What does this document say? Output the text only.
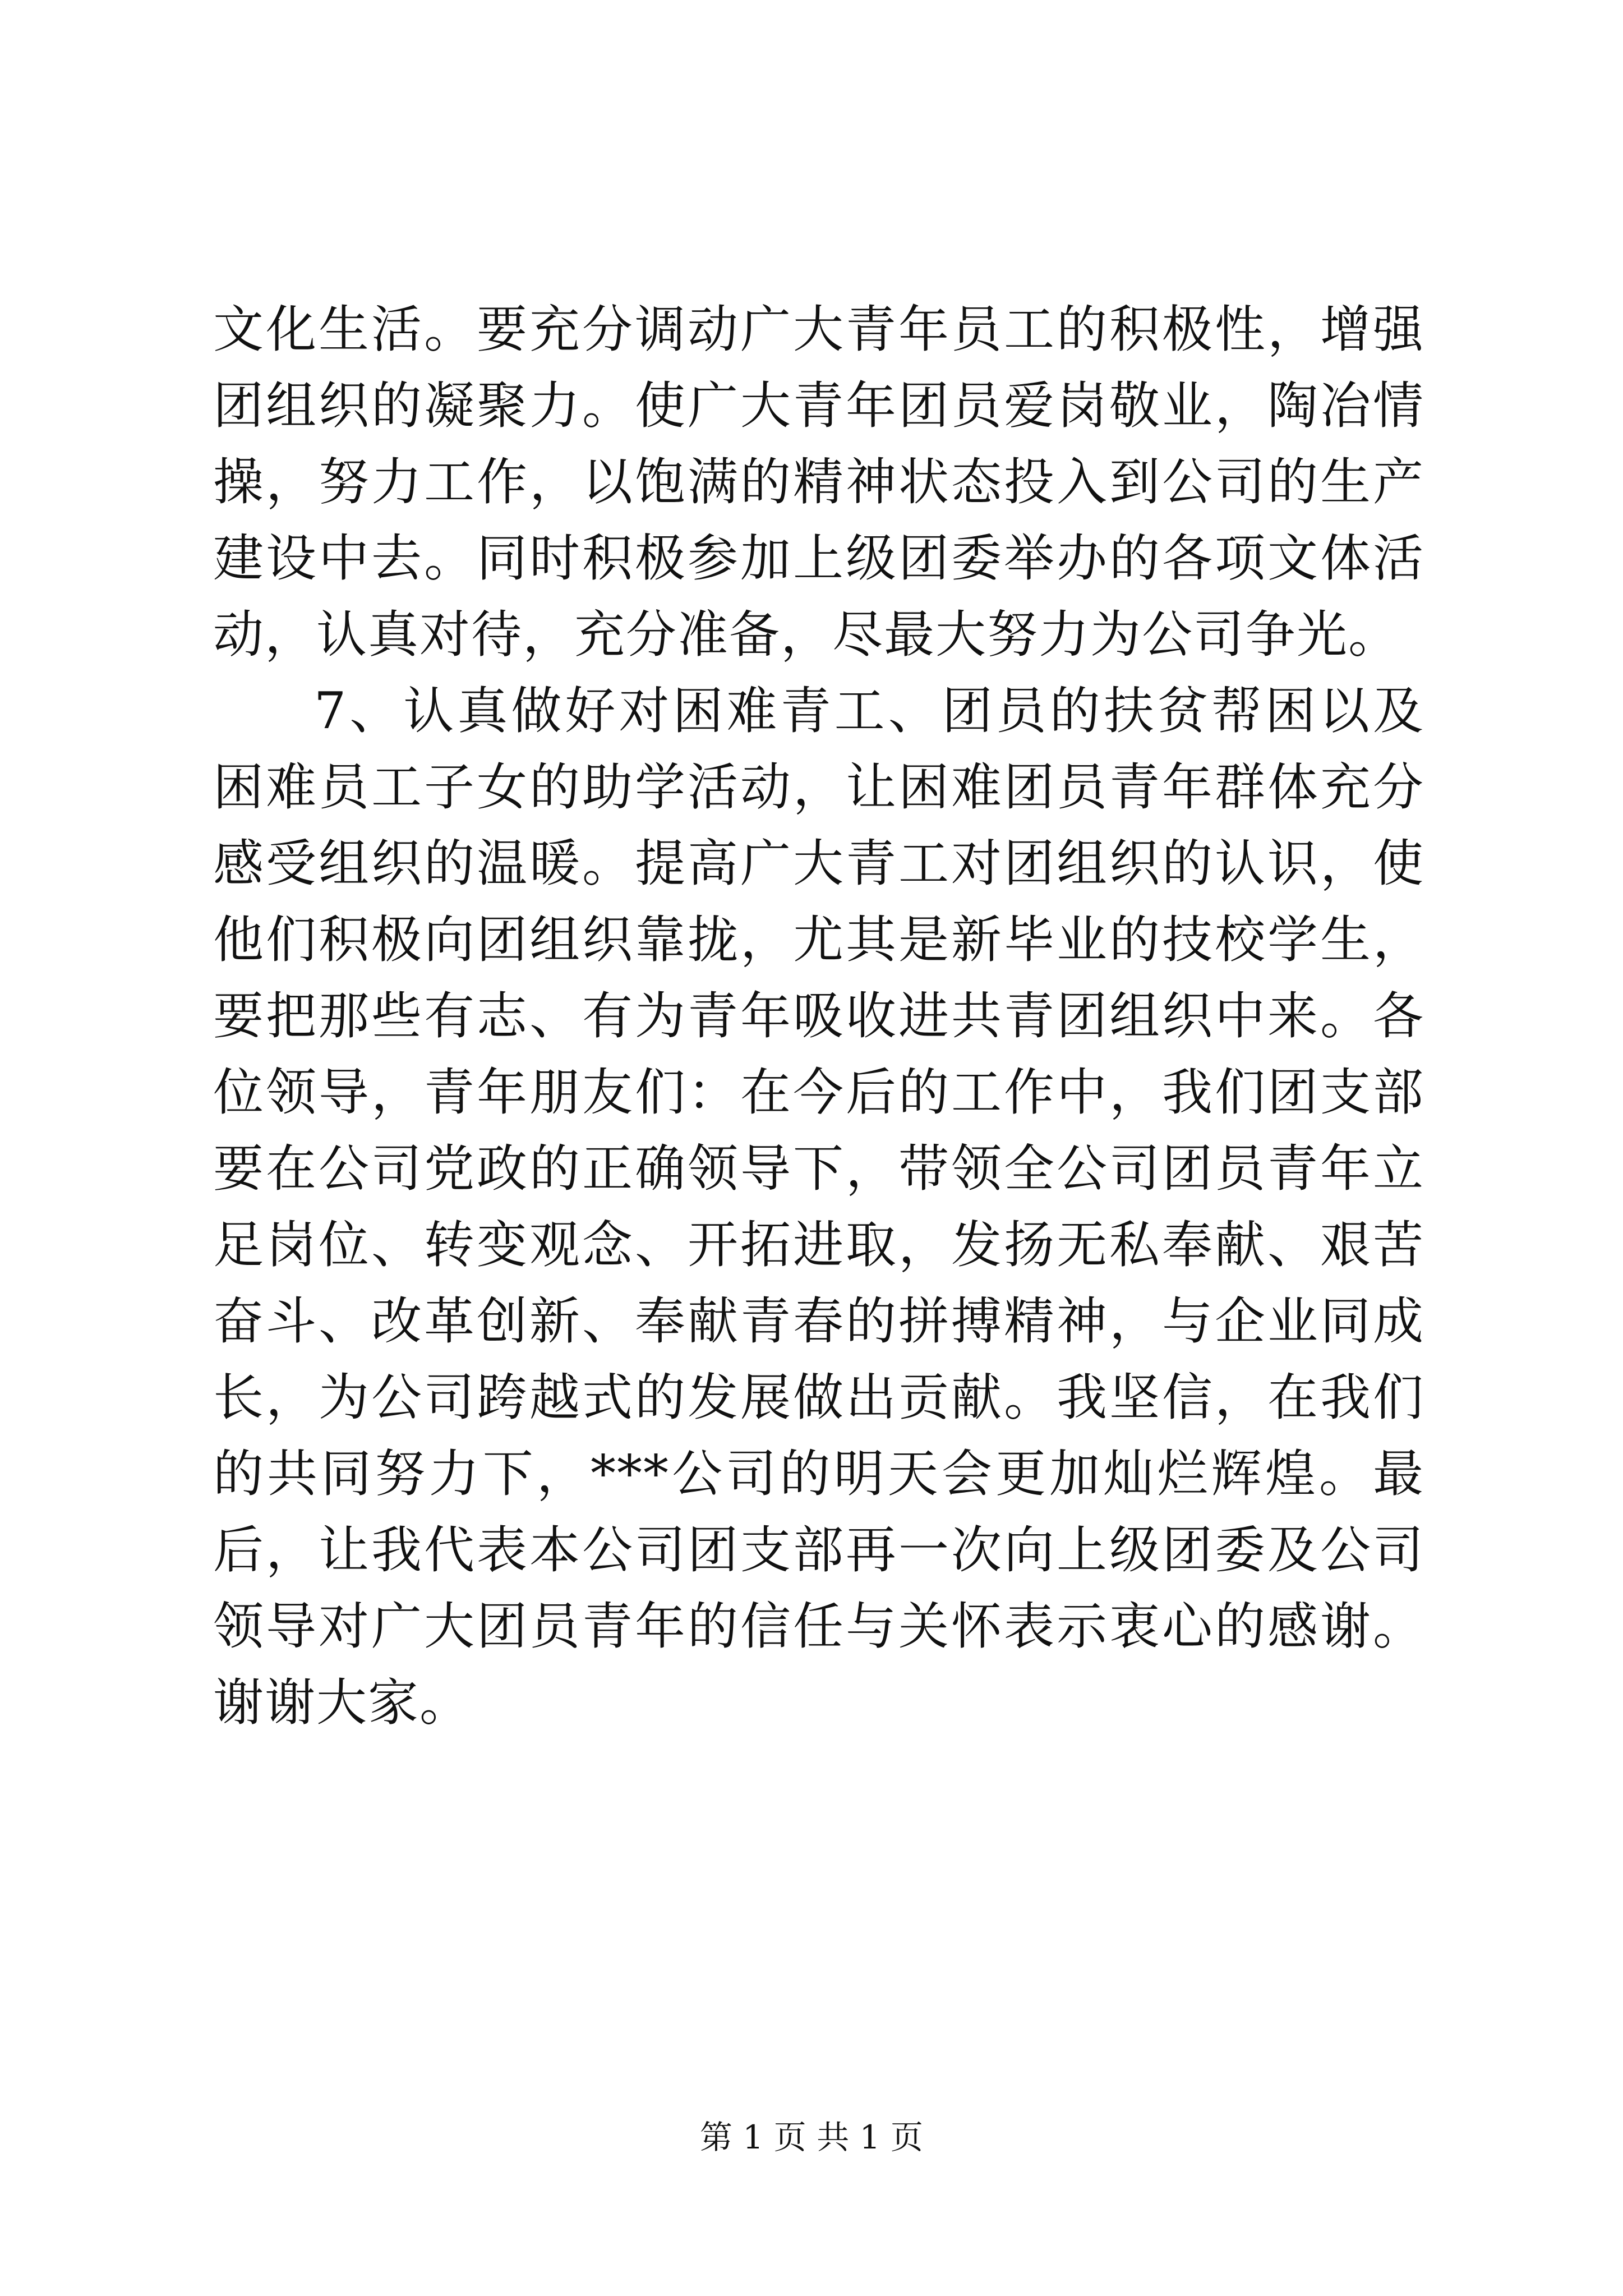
文化生活。要充分调动广大青年员工的积极性，增强团组织的凝聚力。使广大青年团员爱岗敬业，陶冶情操，努力工作，以饱满的精神状态投入到公司的生产建设中去。同时积极参加上级团委举办的各项文体活动，认真对待，充分准备，尽最大努力为公司争光。

7、认真做好对困难青工、团员的扶贫帮困以及困难员工子女的助学活动，让困难团员青年群体充分感受组织的温暖。提高广大青工对团组织的认识，使他们积极向团组织靠拢，尤其是新毕业的技校学生，要把那些有志、有为青年吸收进共青团组织中来。各位领导，青年朋友们：在今后的工作中，我们团支部要在公司党政的正确领导下，带领全公司团员青年立足岗位、转变观念、开拓进取，发扬无私奉献、艰苦奋斗、改革创新、奉献青春的拼搏精神，与企业同成长，为公司跨越式的发展做出贡献。我坚信，在我们的共同努力下，***公司的明天会更加灿烂辉煌。最后，让我代表本公司团支部再一次向上级团委及公司领导对广大团员青年的信任与关怀表示衷心的感谢。谢谢大家。

第 1 页 共 1 页
